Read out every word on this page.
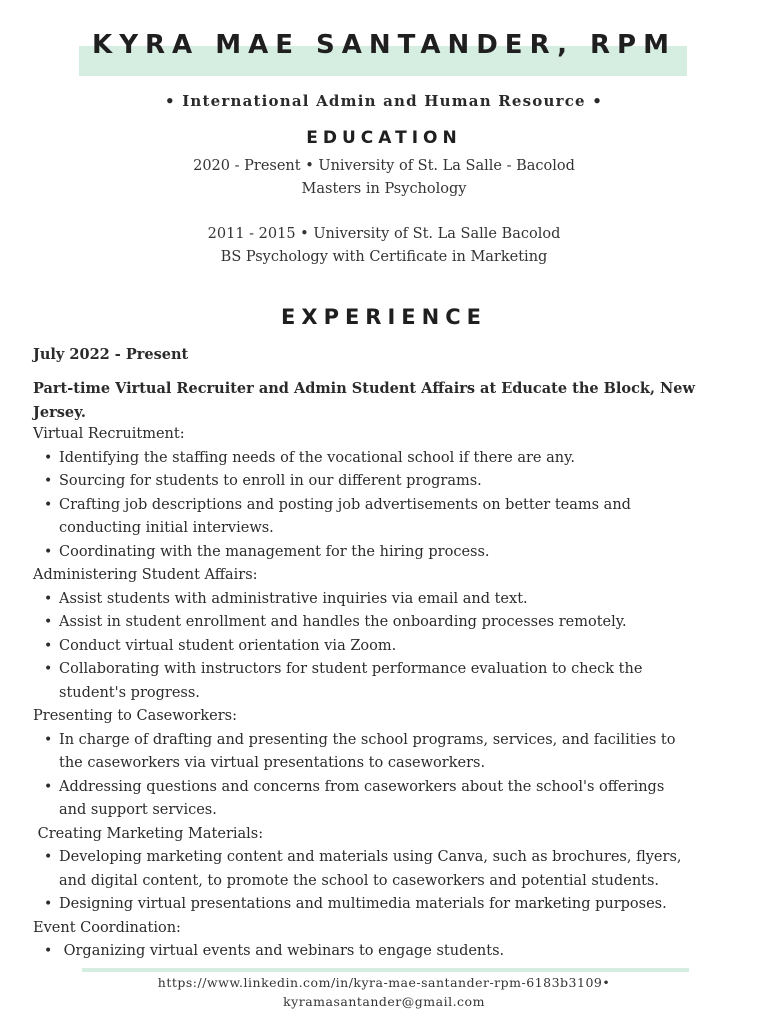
KYRA MAE SANTANDER, RPM
• International Admin and Human Resource •
EDUCATION
2020 - Present • University of St. La Salle - Bacolod
Masters in Psychology
2011 - 2015 • University of St. La Salle Bacolod
BS Psychology with Certificate in Marketing
EXPERIENCE
July 2022 - Present
Part-time Virtual Recruiter and Admin Student Affairs at Educate the Block, New
Jersey.
Virtual Recruitment:
• Identifying the staffing needs of the vocational school if there are any.
• Sourcing for students to enroll in our different programs.
• Crafting job descriptions and posting job advertisements on better teams and
conducting initial interviews.
• Coordinating with the management for the hiring process.
Administering Student Affairs:
• Assist students with administrative inquiries via email and text.
• Assist in student enrollment and handles the onboarding processes remotely.
• Conduct virtual student orientation via Zoom.
• Collaborating with instructors for student performance evaluation to check the
student's progress.
Presenting to Caseworkers:
• In charge of drafting and presenting the school programs, services, and facilities to
the caseworkers via virtual presentations to caseworkers.
• Addressing questions and concerns from caseworkers about the school's offerings
and support services.
Creating Marketing Materials:
• Developing marketing content and materials using Canva, such as brochures, flyers,
and digital content, to promote the school to caseworkers and potential students.
• Designing virtual presentations and multimedia materials for marketing purposes.
Event Coordination:
• Organizing virtual events and webinars to engage students.
https://www.linkedin.com/in/kyra-mae-santander-rpm-6183b3109•
kyramasantander@gmail.com
